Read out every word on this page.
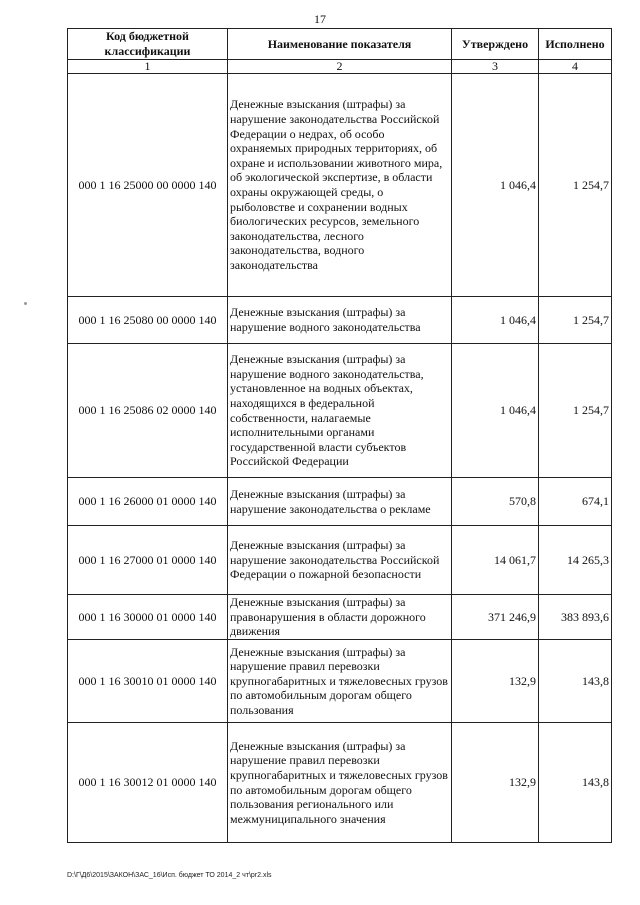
17
Код бюджетной классификации	Наименование показателя	Утверждено	Исполнено
1	2	3	4
000 1 16 25000 00 0000 140	Денежные взыскания (штрафы) за нарушение законодательства Российской Федерации о недрах, об особо охраняемых природных территориях, об охране и использовании животного мира, об экологической экспертизе, в области охраны окружающей среды, о рыболовстве и сохранении водных биологических ресурсов, земельного законодательства, лесного законодательства, водного законодательства	1 046,4	1 254,7
000 1 16 25080 00 0000 140	Денежные взыскания (штрафы) за нарушение водного законодательства	1 046,4	1 254,7
000 1 16 25086 02 0000 140	Денежные взыскания (штрафы) за нарушение водного законодательства, установленное на водных объектах, находящихся в федеральной собственности, налагаемые исполнительными органами государственной власти субъектов Российской Федерации	1 046,4	1 254,7
000 1 16 26000 01 0000 140	Денежные взыскания (штрафы) за нарушение законодательства о рекламе	570,8	674,1
000 1 16 27000 01 0000 140	Денежные взыскания (штрафы) за нарушение законодательства Российской Федерации о пожарной безопасности	14 061,7	14 265,3
000 1 16 30000 01 0000 140	Денежные взыскания (штрафы) за правонарушения в области дорожного движения	371 246,9	383 893,6
000 1 16 30010 01 0000 140	Денежные взыскания (штрафы) за нарушение правил перевозки крупногабаритных и тяжеловесных грузов по автомобильным дорогам общего пользования	132,9	143,8
000 1 16 30012 01 0000 140	Денежные взыскания (штрафы) за нарушение правил перевозки крупногабаритных и тяжеловесных грузов по автомобильным дорогам общего пользования регионального или межмуниципального значения	132,9	143,8
D:\Г\Д6\2015\ЗАКОН\ЗАС_16\Исп. бюджет ТО 2014_2 чт\pr2.xls
